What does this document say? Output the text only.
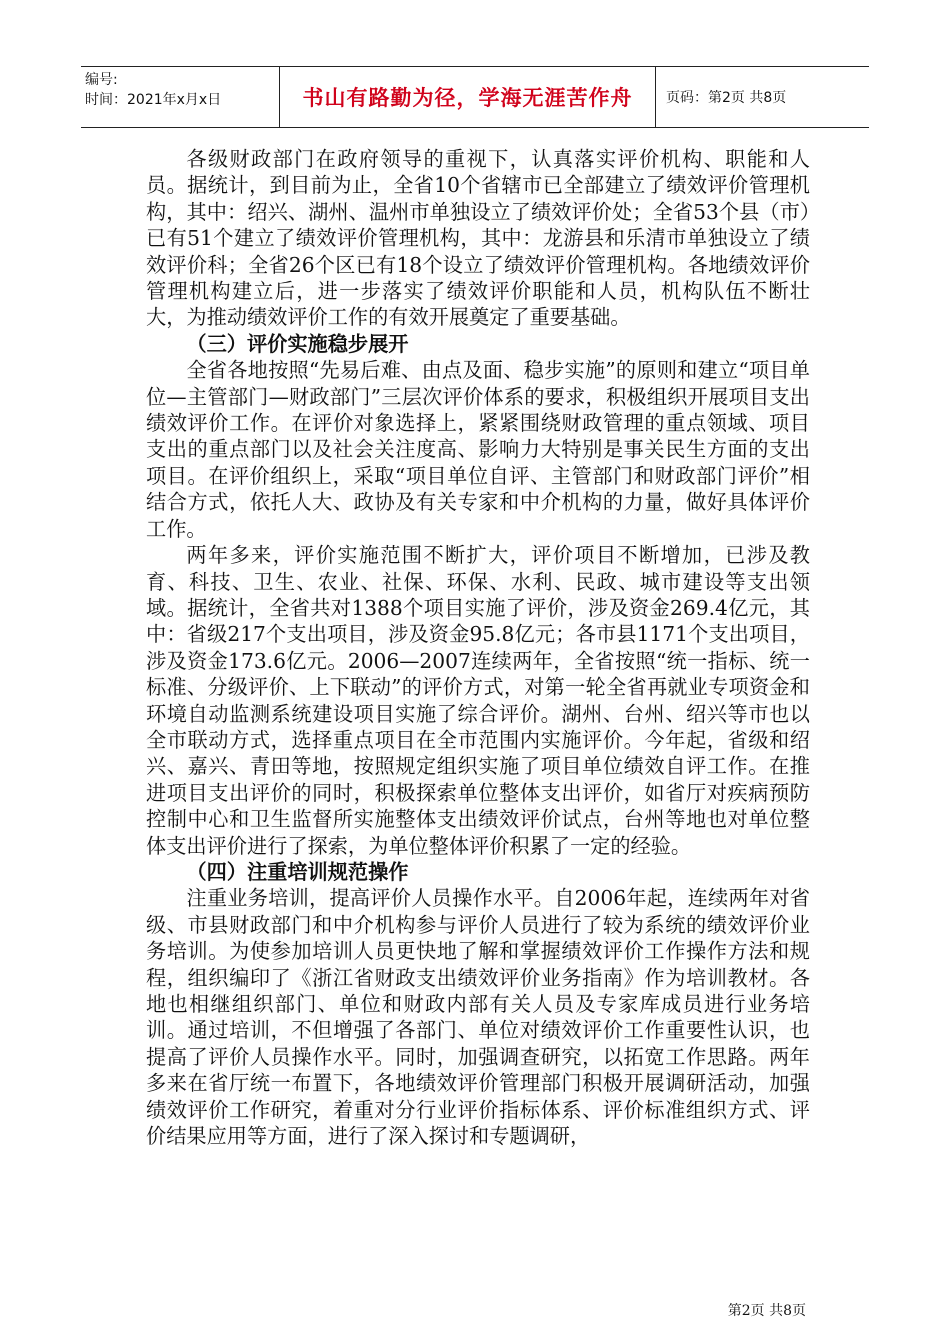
编号:
时间：2021年x月x日	书山有路勤为径，学海无涯苦作舟	页码：第2页 共8页

各级财政部门在政府领导的重视下，认真落实评价机构、职能和人员。据统计，到目前为止，全省10个省辖市已全部建立了绩效评价管理机构，其中：绍兴、湖州、温州市单独设立了绩效评价处；全省53个县（市）已有51个建立了绩效评价管理机构，其中：龙游县和乐清市单独设立了绩效评价科；全省26个区已有18个设立了绩效评价管理机构。各地绩效评价管理机构建立后，进一步落实了绩效评价职能和人员，机构队伍不断壮大，为推动绩效评价工作的有效开展奠定了重要基础。

（三）评价实施稳步展开

全省各地按照“先易后难、由点及面、稳步实施”的原则和建立“项目单位—主管部门—财政部门”三层次评价体系的要求，积极组织开展项目支出绩效评价工作。在评价对象选择上，紧紧围绕财政管理的重点领域、项目支出的重点部门以及社会关注度高、影响力大特别是事关民生方面的支出项目。在评价组织上，采取“项目单位自评、主管部门和财政部门评价”相结合方式，依托人大、政协及有关专家和中介机构的力量，做好具体评价工作。

两年多来，评价实施范围不断扩大，评价项目不断增加，已涉及教育、科技、卫生、农业、社保、环保、水利、民政、城市建设等支出领域。据统计，全省共对1388个项目实施了评价，涉及资金269.4亿元，其中：省级217个支出项目，涉及资金95.8亿元；各市县1171个支出项目，涉及资金173.6亿元。2006—2007连续两年，全省按照“统一指标、统一标准、分级评价、上下联动”的评价方式，对第一轮全省再就业专项资金和环境自动监测系统建设项目实施了综合评价。湖州、台州、绍兴等市也以全市联动方式，选择重点项目在全市范围内实施评价。今年起，省级和绍兴、嘉兴、青田等地，按照规定组织实施了项目单位绩效自评工作。在推进项目支出评价的同时，积极探索单位整体支出评价，如省厅对疾病预防控制中心和卫生监督所实施整体支出绩效评价试点，台州等地也对单位整体支出评价进行了探索，为单位整体评价积累了一定的经验。

（四）注重培训规范操作

注重业务培训，提高评价人员操作水平。自2006年起，连续两年对省级、市县财政部门和中介机构参与评价人员进行了较为系统的绩效评价业务培训。为使参加培训人员更快地了解和掌握绩效评价工作操作方法和规程，组织编印了《浙江省财政支出绩效评价业务指南》作为培训教材。各地也相继组织部门、单位和财政内部有关人员及专家库成员进行业务培训。通过培训，不但增强了各部门、单位对绩效评价工作重要性认识，也提高了评价人员操作水平。同时，加强调查研究，以拓宽工作思路。两年多来在省厅统一布置下，各地绩效评价管理部门积极开展调研活动，加强绩效评价工作研究，着重对分行业评价指标体系、评价标准组织方式、评价结果应用等方面，进行了深入探讨和专题调研，

第2页 共8页
